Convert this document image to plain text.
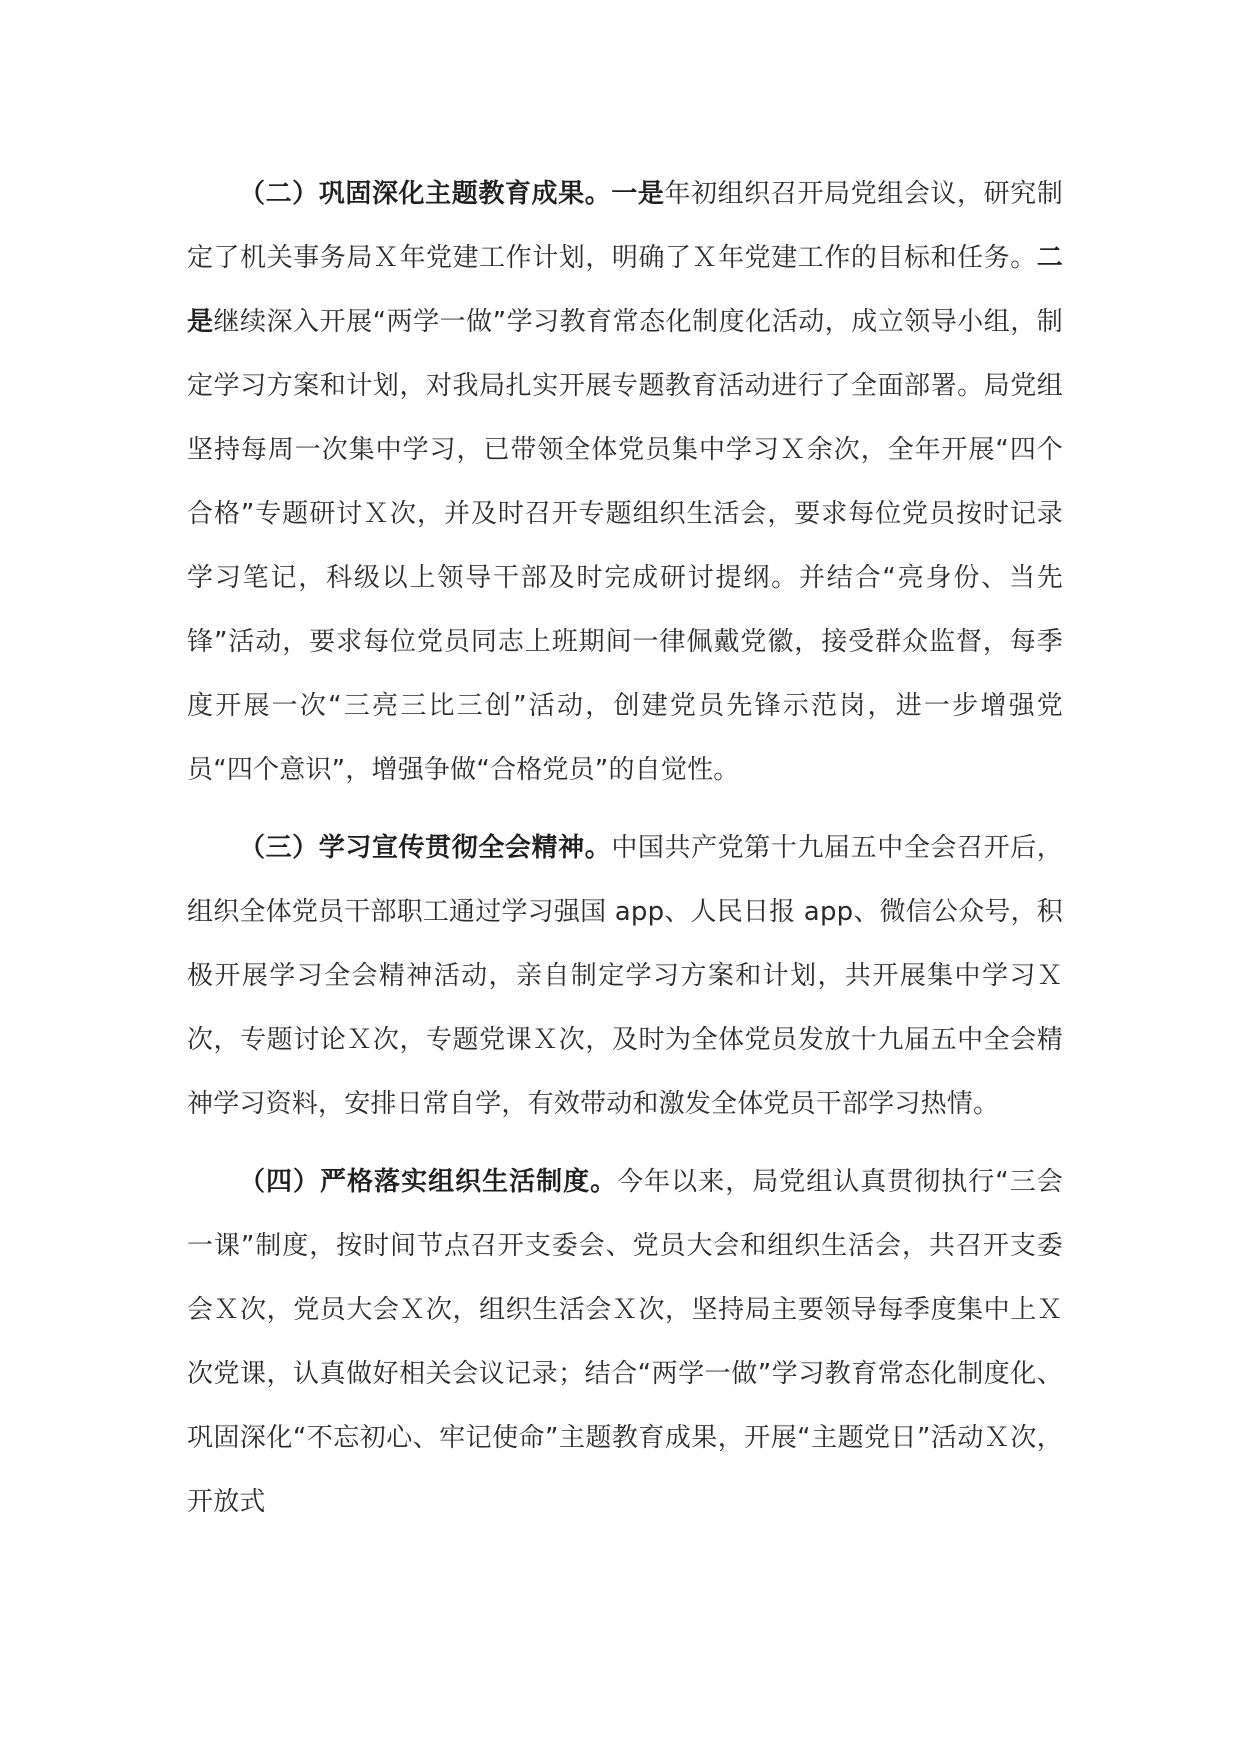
（二）巩固深化主题教育成果。一是年初组织召开局党组会议，研究制定了机关事务局Ｘ年党建工作计划，明确了Ｘ年党建工作的目标和任务。二是继续深入开展“两学一做”学习教育常态化制度化活动，成立领导小组，制定学习方案和计划，对我局扎实开展专题教育活动进行了全面部署。局党组坚持每周一次集中学习，已带领全体党员集中学习Ｘ余次，全年开展“四个合格”专题研讨Ｘ次，并及时召开专题组织生活会，要求每位党员按时记录学习笔记，科级以上领导干部及时完成研讨提纲。并结合“亮身份、当先锋”活动，要求每位党员同志上班期间一律佩戴党徽，接受群众监督，每季度开展一次“三亮三比三创”活动，创建党员先锋示范岗，进一步增强党员“四个意识”，增强争做“合格党员”的自觉性。

（三）学习宣传贯彻全会精神。中国共产党第十九届五中全会召开后，组织全体党员干部职工通过学习强国 app、人民日报 app、微信公众号，积极开展学习全会精神活动，亲自制定学习方案和计划，共开展集中学习Ｘ次，专题讨论Ｘ次，专题党课Ｘ次，及时为全体党员发放十九届五中全会精神学习资料，安排日常自学，有效带动和激发全体党员干部学习热情。

（四）严格落实组织生活制度。今年以来，局党组认真贯彻执行“三会一课”制度，按时间节点召开支委会、党员大会和组织生活会，共召开支委会Ｘ次，党员大会Ｘ次，组织生活会Ｘ次，坚持局主要领导每季度集中上Ｘ次党课，认真做好相关会议记录；结合“两学一做”学习教育常态化制度化、巩固深化“不忘初心、牢记使命”主题教育成果，开展“主题党日”活动Ｘ次，开放式
